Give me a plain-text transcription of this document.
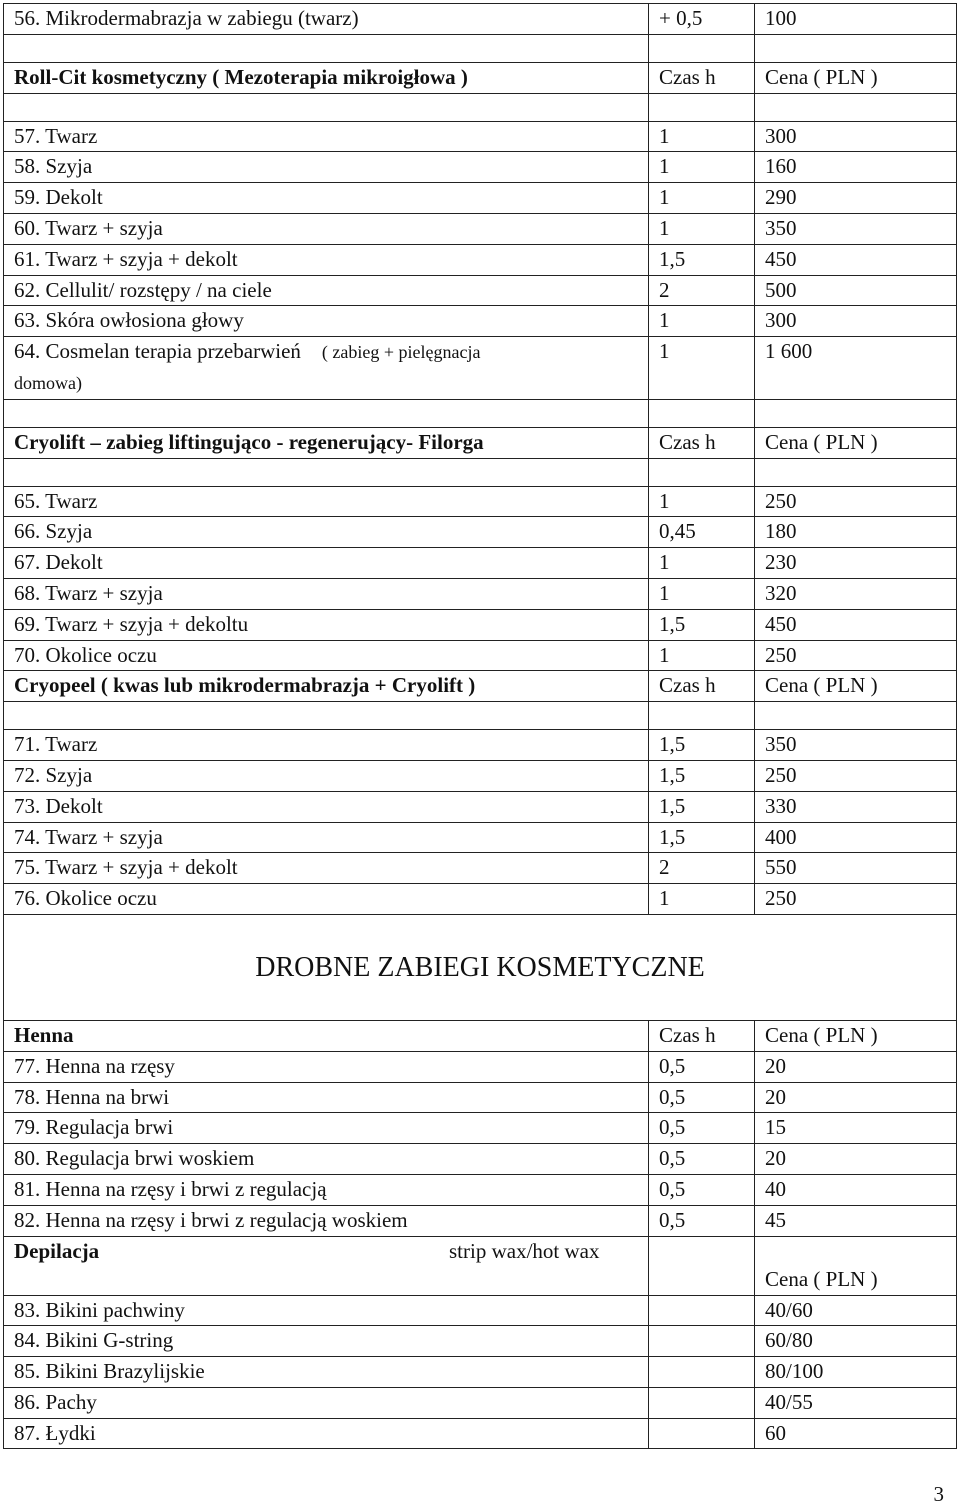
56. Mikrodermabrazja w zabiegu (twarz)	+ 0,5	100

Roll-Cit kosmetyczny ( Mezoterapia mikroigłowa )	Czas h	Cena ( PLN )

57. Twarz	1	300
58. Szyja	1	160
59. Dekolt	1	290
60. Twarz + szyja	1	350
61. Twarz + szyja + dekolt	1,5	450
62. Cellulit/ rozstępy / na ciele	2	500
63. Skóra owłosiona głowy	1	300
64. Cosmelan terapia przebarwień ( zabieg + pielęgnacja
domowa)	1	1 600

Cryolift – zabieg liftingująco - regenerujący- Filorga	Czas h	Cena ( PLN )

65. Twarz	1	250
66. Szyja	0,45	180
67. Dekolt	1	230
68. Twarz + szyja	1	320
69. Twarz + szyja + dekoltu	1,5	450
70. Okolice oczu	1	250
Cryopeel ( kwas lub mikrodermabrazja + Cryolift )	Czas h	Cena ( PLN )

71. Twarz	1,5	350
72. Szyja	1,5	250
73. Dekolt	1,5	330
74. Twarz + szyja	1,5	400
75. Twarz + szyja + dekolt	2	550
76. Okolice oczu	1	250
DROBNE ZABIEGI KOSMETYCZNE		
Henna	Czas h	Cena ( PLN )
77. Henna na rzęsy	0,5	20
78. Henna na brwi	0,5	20
79. Regulacja brwi	0,5	15
80. Regulacja brwi woskiem	0,5	20
81. Henna na rzęsy i brwi z regulacją	0,5	40
82. Henna na rzęsy i brwi z regulacją woskiem	0,5	45
Depilacja strip wax/hot wax		Cena ( PLN )
83. Bikini pachwiny		40/60
84. Bikini G-string		60/80
85. Bikini Brazylijskie		80/100
86. Pachy		40/55
87. Łydki		60
3
